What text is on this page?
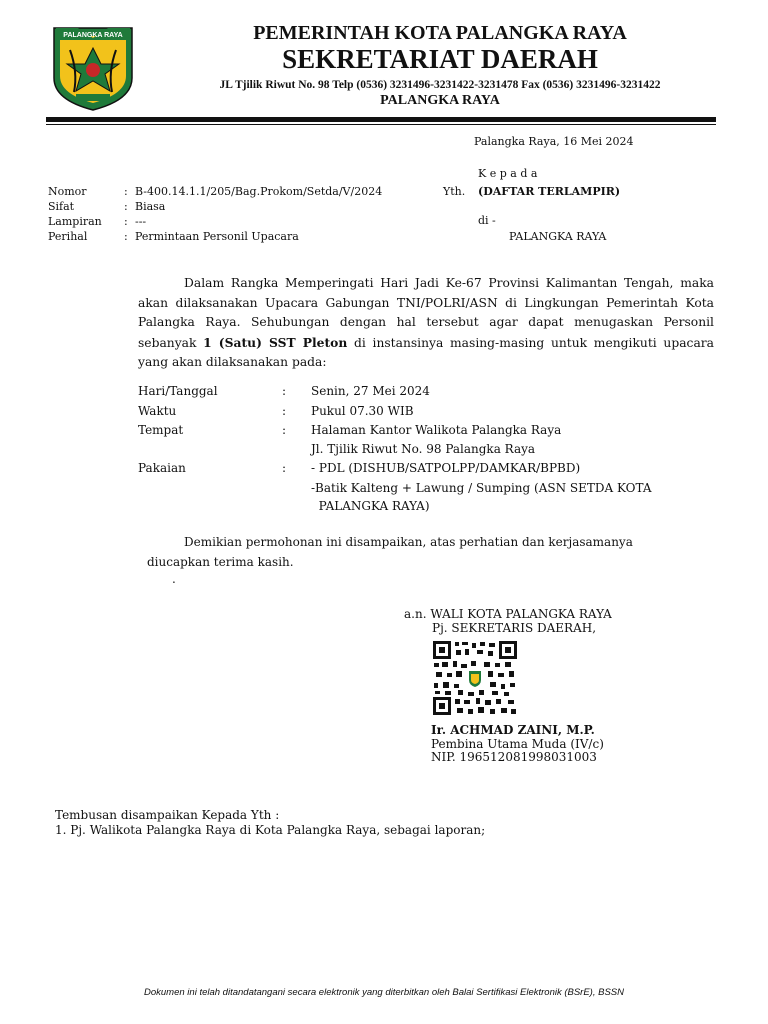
PALANGKA RAYA	PEMERINTAH KOTA PALANGKA RAYA
SEKRETARIAT DAERAH
JL Tjilik Riwut No. 98 Telp (0536) 3231496-3231422-3231478 Fax (0536) 3231496-3231422
PALANGKA RAYA
Palangka Raya, 16 Mei 2024
K e p a d a
Yth. (DAFTAR TERLAMPIR)
di -
PALANGKA RAYA
Nomor	: B-400.14.1.1/205/Bag.Prokom/Setda/V/2024
Sifat	: Biasa
Lampiran : ---
Perihal	: Permintaan Personil Upacara
Dalam Rangka Memperingati Hari Jadi Ke-67 Provinsi Kalimantan Tengah, maka akan dilaksanakan Upacara Gabungan TNI/POLRI/ASN di Lingkungan Pemerintah Kota Palangka Raya. Sehubungan dengan hal tersebut agar dapat menugaskan Personil sebanyak 1 (Satu) SST Pleton di instansinya masing-masing untuk mengikuti upacara yang akan dilaksanakan pada:
Hari/Tanggal	: Senin, 27 Mei 2024
Waktu	: Pukul 07.30 WIB
Tempat	: Halaman Kantor Walikota Palangka Raya
Jl. Tjilik Riwut No. 98 Palangka Raya
Pakaian	: - PDL (DISHUB/SATPOLPP/DAMKAR/BPBD)
-Batik Kalteng + Lawung / Sumping (ASN SETDA KOTA
PALANGKA RAYA)
Demikian permohonan ini disampaikan, atas perhatian dan kerjasamanya
diucapkan terima kasih.
.
a.n. WALI KOTA PALANGKA RAYA
Pj. SEKRETARIS DAERAH,
Ir. ACHMAD ZAINI, M.P.
Pembina Utama Muda (IV/c)
NIP. 196512081998031003
Tembusan disampaikan Kepada Yth :
1. Pj. Walikota Palangka Raya di Kota Palangka Raya, sebagai laporan;
Dokumen ini telah ditandatangani secara elektronik yang diterbitkan oleh Balai Sertifikasi Elektronik (BSrE), BSSN
